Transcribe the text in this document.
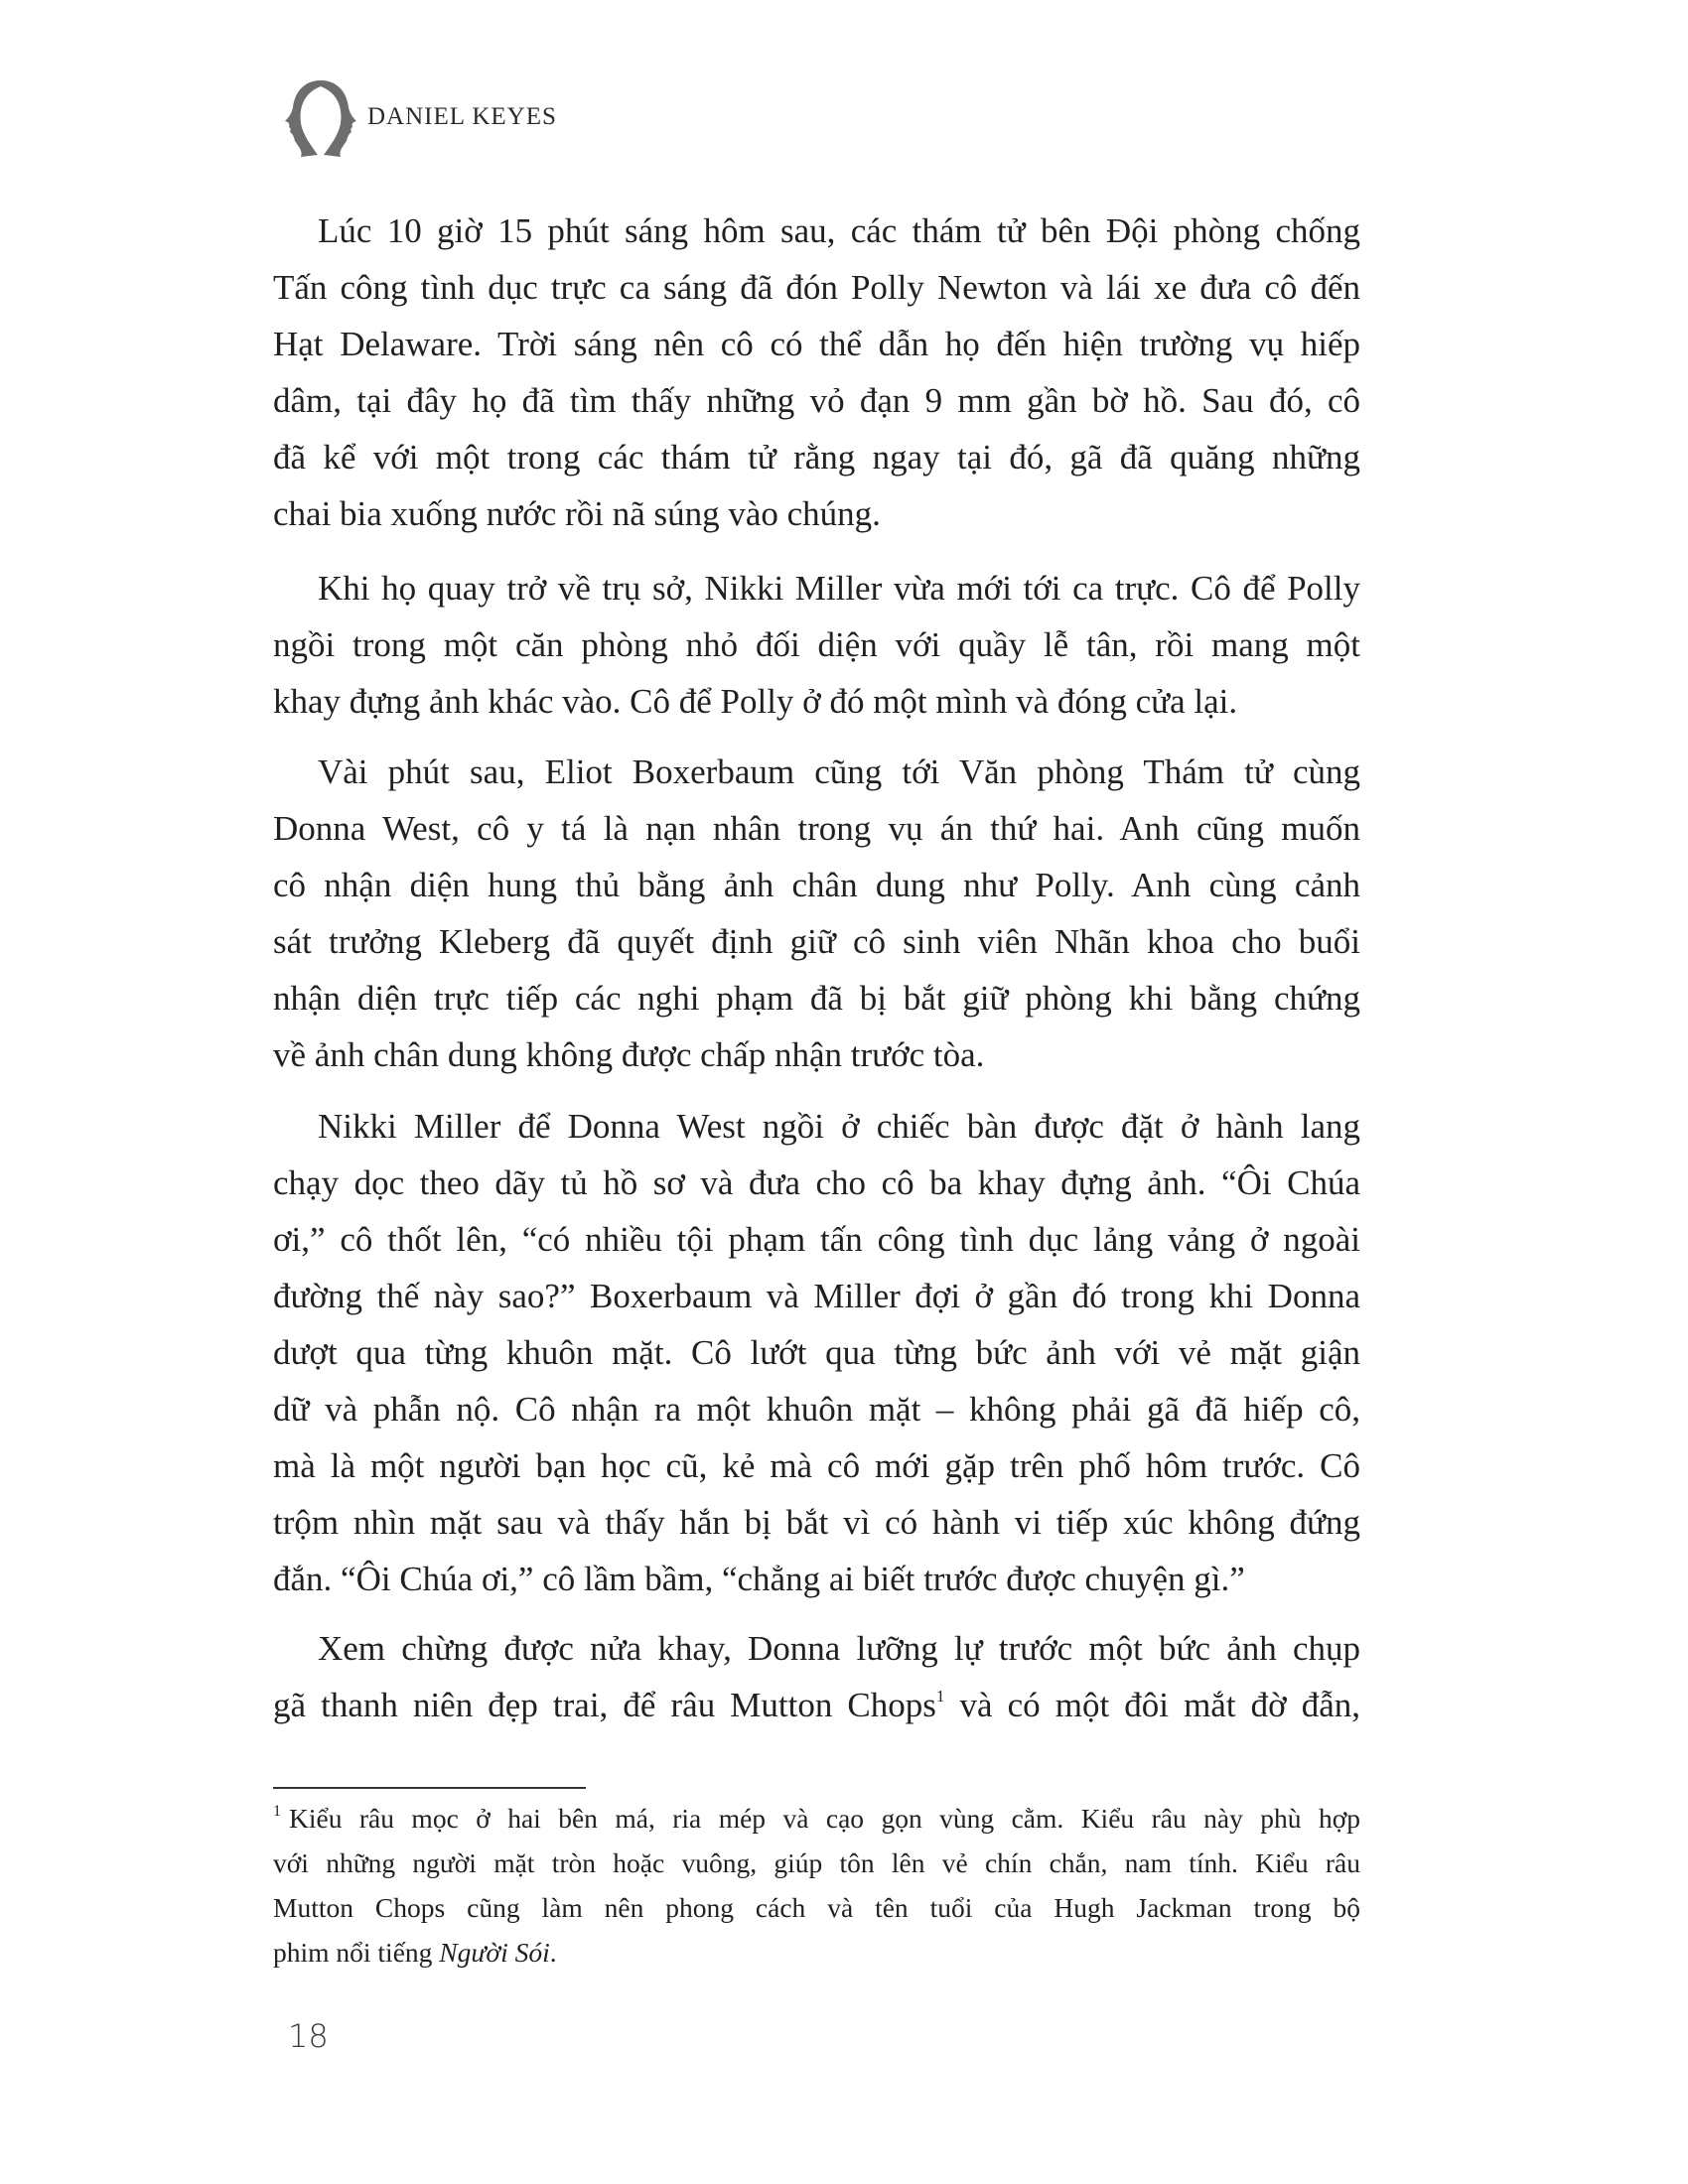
DANIEL KEYES
Lúc 10 giờ 15 phút sáng hôm sau, các thám tử bên Đội phòng chống
Tấn công tình dục trực ca sáng đã đón Polly Newton và lái xe đưa cô đến
Hạt Delaware. Trời sáng nên cô có thể dẫn họ đến hiện trường vụ hiếp
dâm, tại đây họ đã tìm thấy những vỏ đạn 9 mm gần bờ hồ. Sau đó, cô
đã kể với một trong các thám tử rằng ngay tại đó, gã đã quăng những
chai bia xuống nước rồi nã súng vào chúng.
Khi họ quay trở về trụ sở, Nikki Miller vừa mới tới ca trực. Cô để Polly
ngồi trong một căn phòng nhỏ đối diện với quầy lễ tân, rồi mang một
khay đựng ảnh khác vào. Cô để Polly ở đó một mình và đóng cửa lại.
Vài phút sau, Eliot Boxerbaum cũng tới Văn phòng Thám tử cùng
Donna West, cô y tá là nạn nhân trong vụ án thứ hai. Anh cũng muốn
cô nhận diện hung thủ bằng ảnh chân dung như Polly. Anh cùng cảnh
sát trưởng Kleberg đã quyết định giữ cô sinh viên Nhãn khoa cho buổi
nhận diện trực tiếp các nghi phạm đã bị bắt giữ phòng khi bằng chứng
về ảnh chân dung không được chấp nhận trước tòa.
Nikki Miller để Donna West ngồi ở chiếc bàn được đặt ở hành lang
chạy dọc theo dãy tủ hồ sơ và đưa cho cô ba khay đựng ảnh. “Ôi Chúa
ơi,” cô thốt lên, “có nhiều tội phạm tấn công tình dục lảng vảng ở ngoài
đường thế này sao?” Boxerbaum và Miller đợi ở gần đó trong khi Donna
dượt qua từng khuôn mặt. Cô lướt qua từng bức ảnh với vẻ mặt giận
dữ và phẫn nộ. Cô nhận ra một khuôn mặt – không phải gã đã hiếp cô,
mà là một người bạn học cũ, kẻ mà cô mới gặp trên phố hôm trước. Cô
trộm nhìn mặt sau và thấy hắn bị bắt vì có hành vi tiếp xúc không đứng
đắn. “Ôi Chúa ơi,” cô lầm bầm, “chẳng ai biết trước được chuyện gì.”
Xem chừng được nửa khay, Donna lưỡng lự trước một bức ảnh chụp
gã thanh niên đẹp trai, để râu Mutton Chops$^1$ và có một đôi mắt đờ đẫn,
$^1$ Kiểu râu mọc ở hai bên má, ria mép và cạo gọn vùng cằm. Kiểu râu này phù hợp
với những người mặt tròn hoặc vuông, giúp tôn lên vẻ chín chắn, nam tính. Kiểu râu
Mutton Chops cũng làm nên phong cách và tên tuổi của Hugh Jackman trong bộ
phim nổi tiếng Người Sói.
18
